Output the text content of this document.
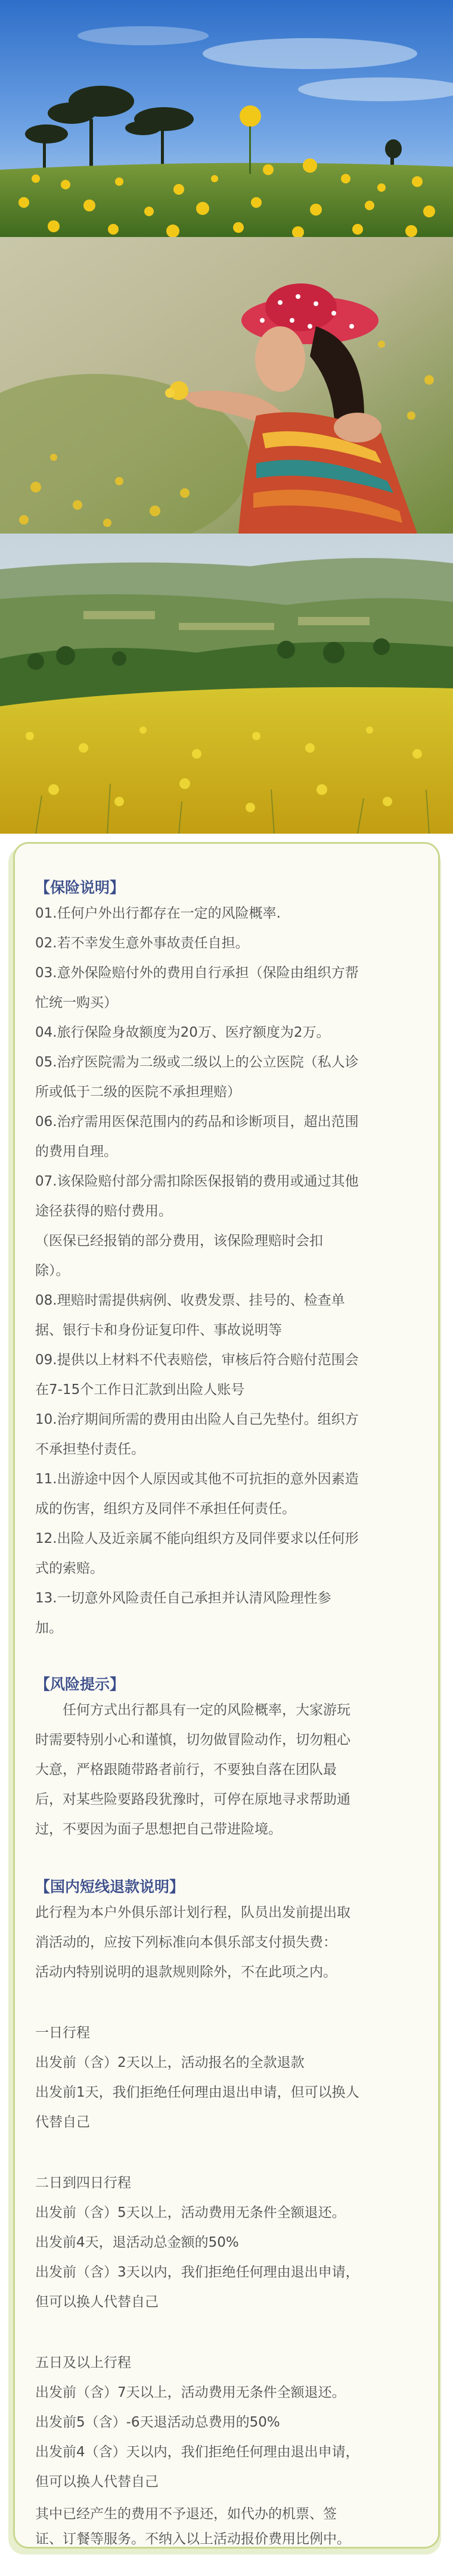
【保险说明】
01.任何户外出行都存在一定的风险概率.
02.若不幸发生意外事故责任自担。
03.意外保险赔付外的费用自行承担（保险由组织方帮
忙统一购买）
04.旅行保险身故额度为20万、医疗额度为2万。
05.治疗医院需为二级或二级以上的公立医院（私人诊
所或低于二级的医院不承担理赔）
06.治疗需用医保范围内的药品和诊断项目，超出范围
的费用自理。
07.该保险赔付部分需扣除医保报销的费用或通过其他
途径获得的赔付费用。
（医保已经报销的部分费用，该保险理赔时会扣
除）。
08.理赔时需提供病例、收费发票、挂号的、检查单
据、银行卡和身份证复印件、事故说明等
09.提供以上材料不代表赔偿，审核后符合赔付范围会
在7-15个工作日汇款到出险人账号
10.治疗期间所需的费用由出险人自己先垫付。组织方
不承担垫付责任。
11.出游途中因个人原因或其他不可抗拒的意外因素造
成的伤害，组织方及同伴不承担任何责任。
12.出险人及近亲属不能向组织方及同伴要求以任何形
式的索赔。
13.一切意外风险责任自己承担并认清风险理性参
加。
【风险提示】
　　任何方式出行都具有一定的风险概率，大家游玩
时需要特别小心和谨慎，切勿做冒险动作，切勿粗心
大意，严格跟随带路者前行，不要独自落在团队最
后，对某些险要路段犹豫时，可停在原地寻求帮助通
过，不要因为面子思想把自己带进险境。
【国内短线退款说明】
此行程为本户外俱乐部计划行程，队员出发前提出取
消活动的，应按下列标准向本俱乐部支付损失费：
活动内特别说明的退款规则除外，不在此项之内。
一日行程
出发前（含）2天以上，活动报名的全款退款
出发前1天，我们拒绝任何理由退出申请，但可以换人
代替自己
二日到四日行程
出发前（含）5天以上，活动费用无条件全额退还。
出发前4天，退活动总金额的50%
出发前（含）3天以内，我们拒绝任何理由退出申请，
但可以换人代替自己
五日及以上行程
出发前（含）7天以上，活动费用无条件全额退还。
出发前5（含）-6天退活动总费用的50%
出发前4（含）天以内，我们拒绝任何理由退出申请，
但可以换人代替自己
其中已经产生的费用不予退还，如代办的机票、签
证、订餐等服务。不纳入以上活动报价费用比例中。
